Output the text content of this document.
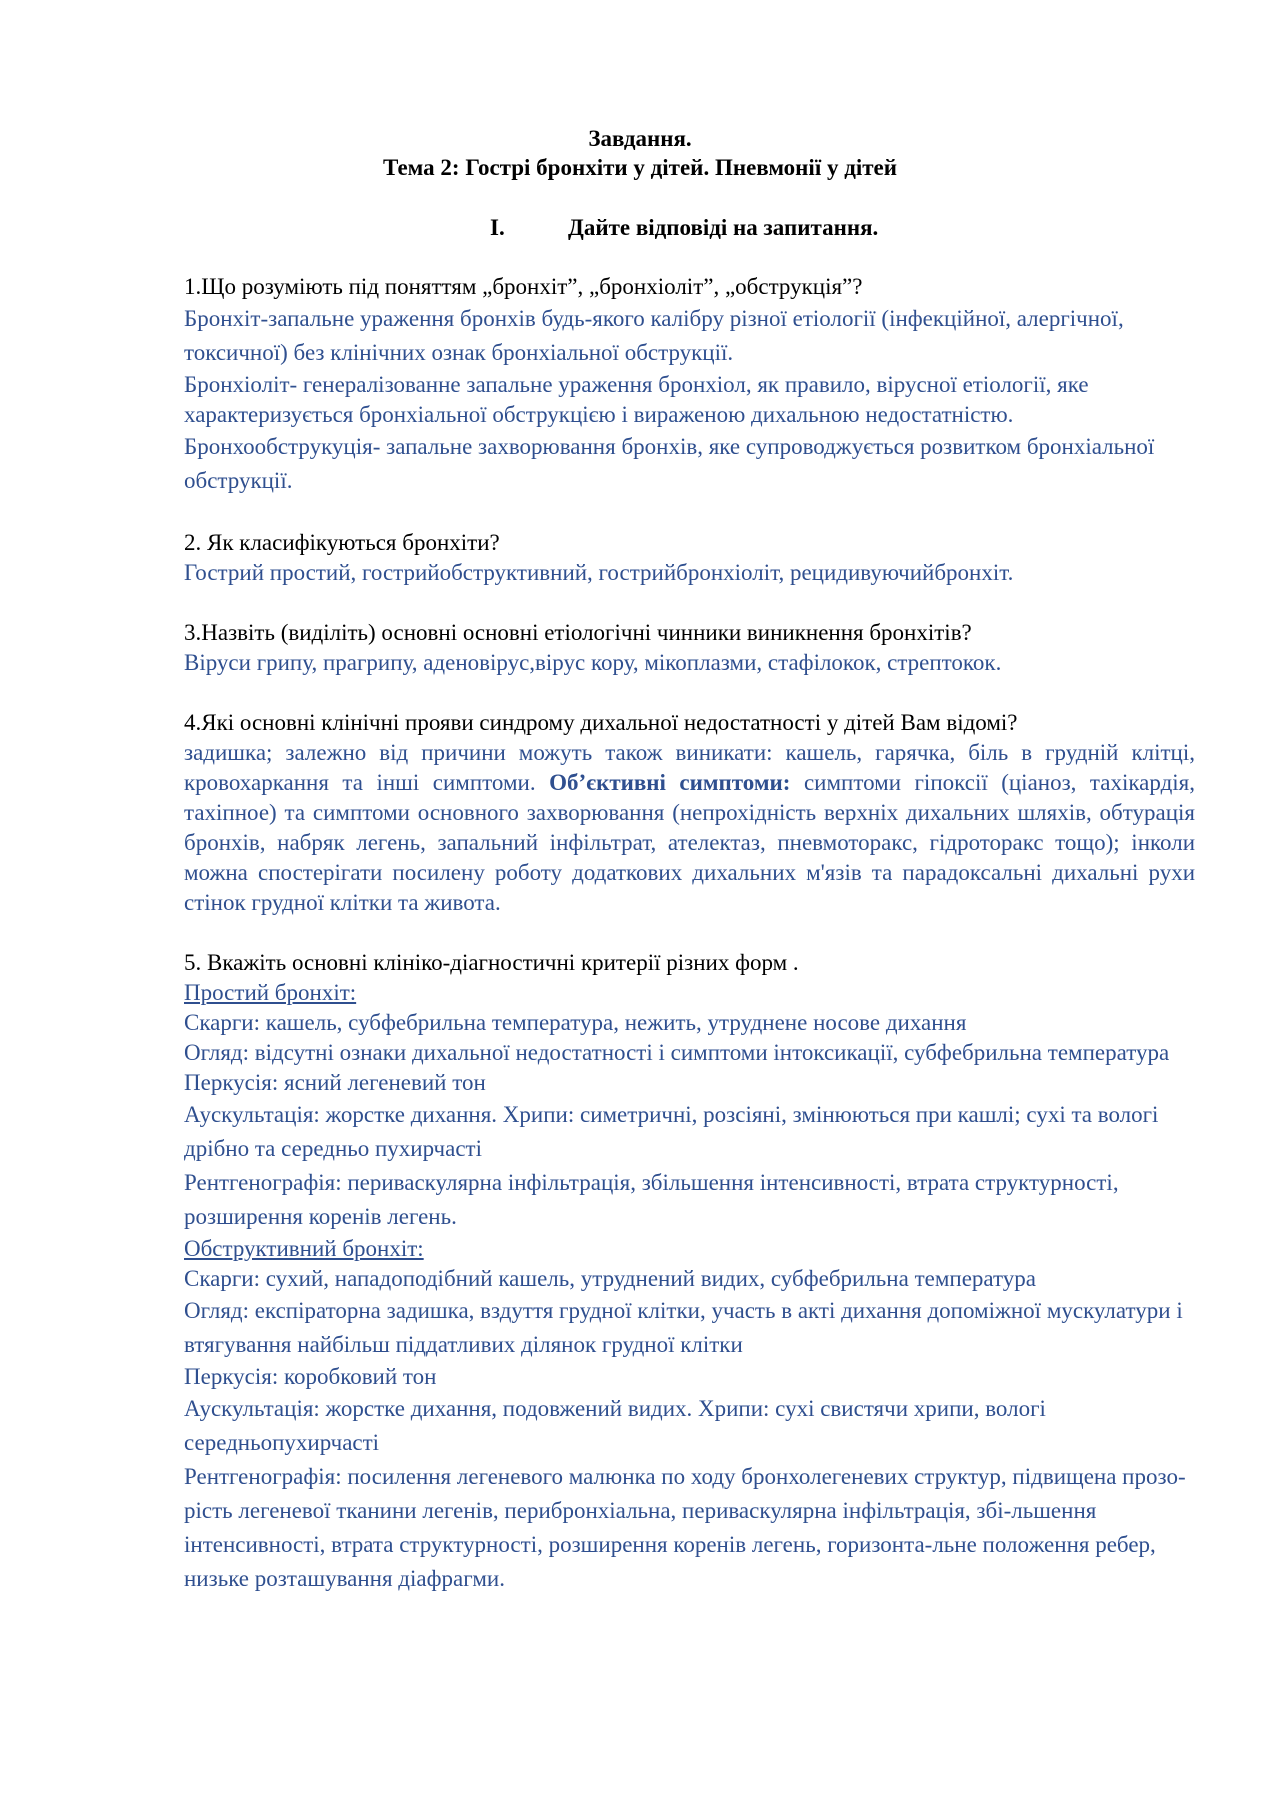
Завдання.
Тема 2: Гострі бронхіти у дітей. Пневмонії у дітей
I.	Дайте відповіді на запитання.
1.Що розуміють під поняттям „бронхіт”, „бронхіоліт”, „обструкція”?
Бронхіт-запальне ураження бронхів будь-якого калібру різної етіології (інфекційної, алергічної, токсичної) без клінічних ознак бронхіальної обструкції.
Бронхіоліт- генералізованне запальне ураження бронхіол, як правило, вірусної етіології, яке характеризується бронхіальної обструкцією і вираженою дихальною недостатністю.
Бронхообструкуція- запальне захворювання бронхів, яке супроводжується розвитком бронхіальної обструкції.
2. Як класифікуються бронхіти?
Гострий простий, гострийобструктивний, гострийбронхіоліт, рецидивуючийбронхіт.
3.Назвіть (виділіть) основні основні етіологічні чинники виникнення бронхітів?
Віруси грипу, прагрипу, аденовірус,вірус кору, мікоплазми, стафілокок, стрептокок.
4.Які основні клінічні прояви синдрому дихальної недостатності у дітей Вам відомі?
задишка; залежно від причини можуть також виникати: кашель, гарячка, біль в грудній клітці, кровохаркання та інші симптоми. Об’єктивні симптоми: симптоми гіпоксії (ціаноз, тахікардія, тахіпное) та симптоми основного захворювання (непрохідність верхніх дихальних шляхів, обтурація бронхів, набряк легень, запальний інфільтрат, ателектаз, пневмоторакс, гідроторакс тощо); інколи можна спостерігати посилену роботу додаткових дихальних м'язів та парадоксальні дихальні рухи стінок грудної клітки та живота.
5. Вкажіть основні клініко-діагностичні критерії різних форм .
Простий бронхіт:
Скарги: кашель, субфебрильна температура, нежить, утруднене носове дихання
Огляд: відсутні ознаки дихальної недостатності і симптоми інтоксикації, субфебрильна температура
Перкусія: ясний легеневий тон
Аускультація: жорстке дихання. Хрипи: симетричні, розсіяні, змінюються при кашлі; сухі та вологі дрібно та середньо пухирчасті
Рентгенографія: периваскулярна інфільтрація, збільшення інтенсивності, втрата структурності, розширення коренів легень.
Обструктивний бронхіт:
Скарги: сухий, нападоподібний кашель, утруднений видих, субфебрильна температура
Огляд: експіраторна задишка, вздуття грудної клітки, участь в акті дихання допоміжної мускулатури і втягування найбільш піддатливих ділянок грудної клітки
Перкусія: коробковий тон
Аускультація: жорстке дихання, подовжений видих. Хрипи: сухі свистячи хрипи, вологі середньопухирчасті
Рентгенографія: посилення легеневого малюнка по ходу бронхолегеневих структур, підвищена прозо-рість легеневої тканини легенів, перибронхіальна, периваскулярна інфільтрація, збі-льшення інтенсивності, втрата структурності, розширення коренів легень, горизонта-льне положення ребер, низьке розташування діафрагми.
